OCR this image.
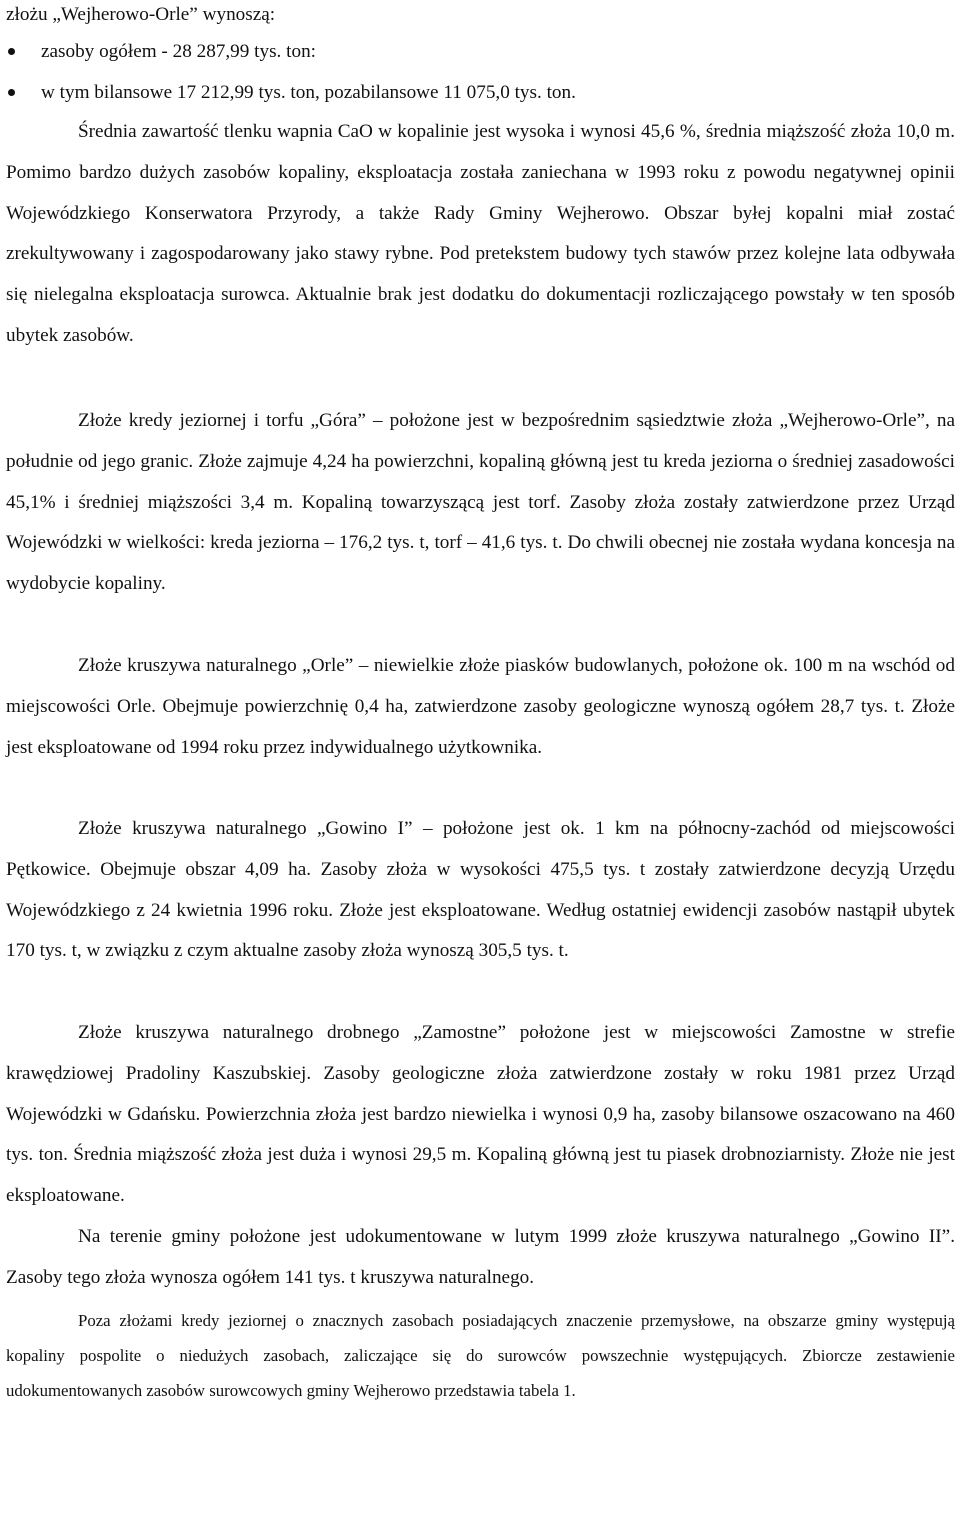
złożu „Wejherowo-Orle” wynoszą:
zasoby ogółem - 28 287,99 tys. ton:
w tym bilansowe 17 212,99 tys. ton, pozabilansowe 11 075,0 tys. ton.

Średnia zawartość tlenku wapnia CaO w kopalinie jest wysoka i wynosi 45,6 %, średnia miąższość złoża 10,0 m. Pomimo bardzo dużych zasobów kopaliny, eksploatacja została zaniechana w 1993 roku z powodu negatywnej opinii Wojewódzkiego Konserwatora Przyrody, a także Rady Gminy Wejherowo. Obszar byłej kopalni miał zostać zrekultywowany i zagospodarowany jako stawy rybne. Pod pretekstem budowy tych stawów przez kolejne lata odbywała się nielegalna eksploatacja surowca. Aktualnie brak jest dodatku do dokumentacji rozliczającego powstały w ten sposób ubytek zasobów.

Złoże kredy jeziornej i torfu „Góra” – położone jest w bezpośrednim sąsiedztwie złoża „Wejherowo-Orle”, na południe od jego granic. Złoże zajmuje 4,24 ha powierzchni, kopaliną główną jest tu kreda jeziorna o średniej zasadowości 45,1% i średniej miąższości 3,4 m. Kopaliną towarzyszącą jest torf. Zasoby złoża zostały zatwierdzone przez Urząd Wojewódzki w wielkości: kreda jeziorna – 176,2 tys. t, torf – 41,6 tys. t. Do chwili obecnej nie została wydana koncesja na wydobycie kopaliny.

Złoże kruszywa naturalnego „Orle” – niewielkie złoże piasków budowlanych, położone ok. 100 m na wschód od miejscowości Orle. Obejmuje powierzchnię 0,4 ha, zatwierdzone zasoby geologiczne wynoszą ogółem 28,7 tys. t. Złoże jest eksploatowane od 1994 roku przez indywidualnego użytkownika.

Złoże kruszywa naturalnego „Gowino I” – położone jest ok. 1 km na północny-zachód od miejscowości Pętkowice. Obejmuje obszar 4,09 ha. Zasoby złoża w wysokości 475,5 tys. t zostały zatwierdzone decyzją Urzędu Wojewódzkiego z 24 kwietnia 1996 roku. Złoże jest eksploatowane. Według ostatniej ewidencji zasobów nastąpił ubytek 170 tys. t, w związku z czym aktualne zasoby złoża wynoszą 305,5 tys. t.

Złoże kruszywa naturalnego drobnego „Zamostne” położone jest w miejscowości Zamostne w strefie krawędziowej Pradoliny Kaszubskiej. Zasoby geologiczne złoża zatwierdzone zostały w roku 1981 przez Urząd Wojewódzki w Gdańsku. Powierzchnia złoża jest bardzo niewielka i wynosi 0,9 ha, zasoby bilansowe oszacowano na 460 tys. ton. Średnia miąższość złoża jest duża i wynosi 29,5 m. Kopaliną główną jest tu piasek drobnoziarnisty. Złoże nie jest eksploatowane.

Na terenie gminy położone jest udokumentowane w lutym 1999 złoże kruszywa naturalnego „Gowino II”. Zasoby tego złoża wynosza ogółem 141 tys. t kruszywa naturalnego.

Poza złożami kredy jeziornej o znacznych zasobach posiadających znaczenie przemysłowe, na obszarze gminy występują kopaliny pospolite o niedużych zasobach, zaliczające się do surowców powszechnie występujących. Zbiorcze zestawienie udokumentowanych zasobów surowcowych gminy Wejherowo przedstawia tabela 1.
